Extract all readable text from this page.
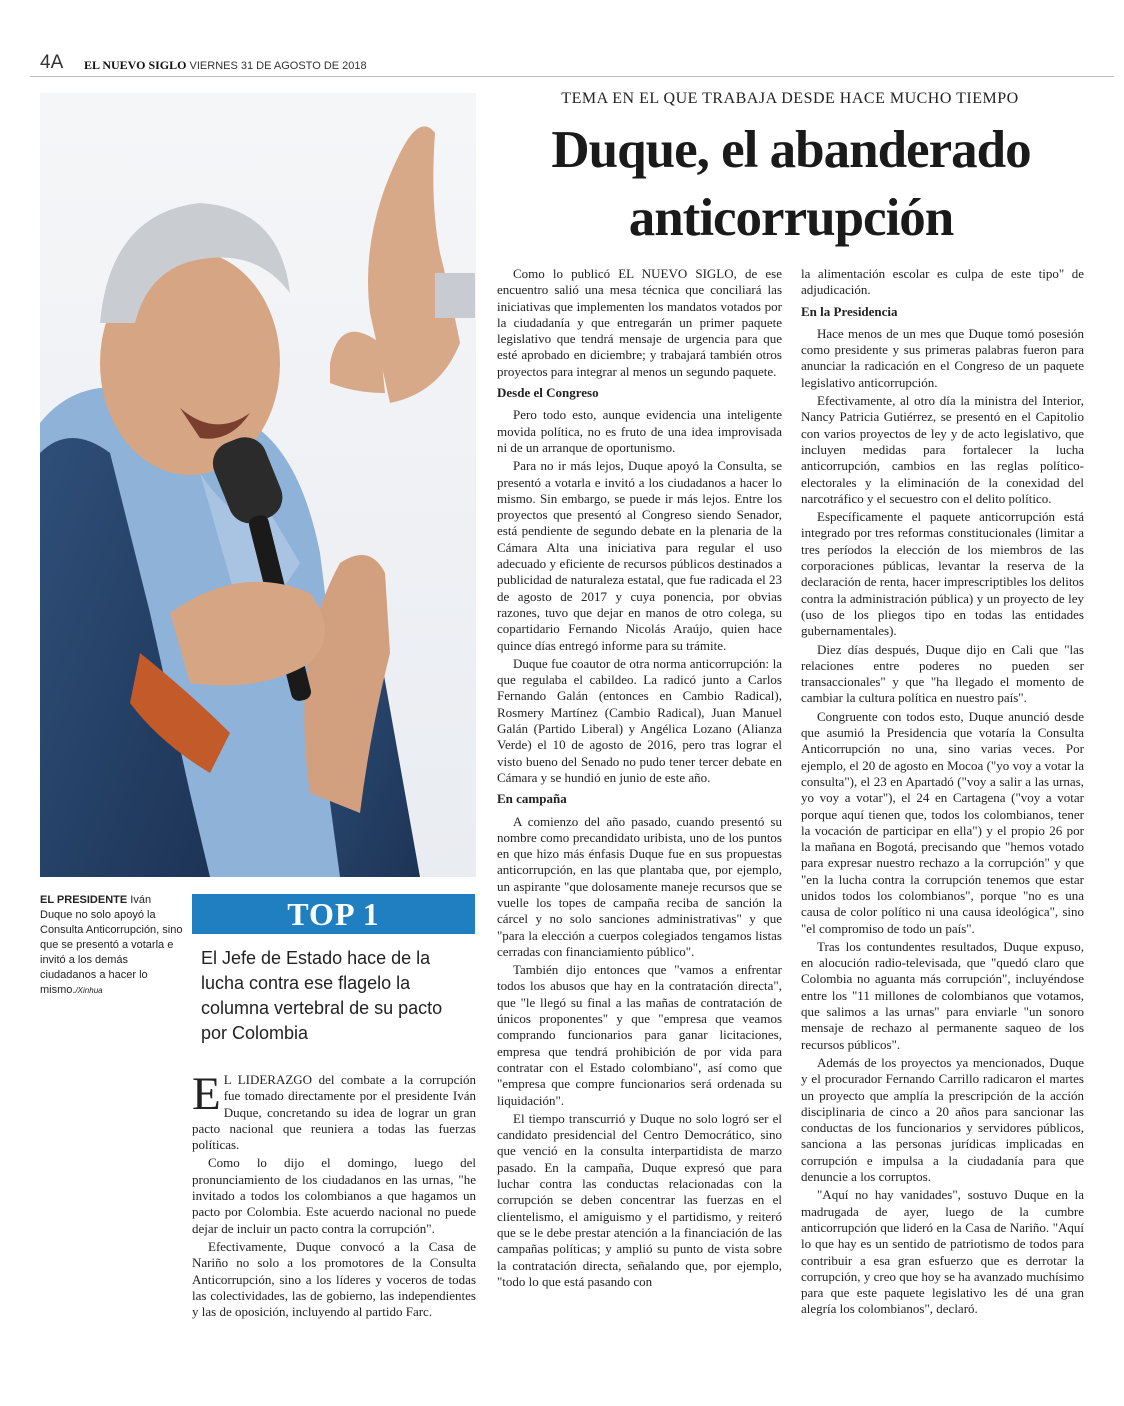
4A EL NUEVO SIGLO VIERNES 31 DE AGOSTO DE 2018
EL PRESIDENTE Iván Duque no solo apoyó la Consulta Anticorrupción, sino que se presentó a votarla e invitó a los demás ciudadanos a hacer lo mismo./Xinhua
TOP 1
El Jefe de Estado hace de la lucha contra ese flagelo la columna vertebral de su pacto por Colombia
TEMA EN EL QUE TRABAJA DESDE HACE MUCHO TIEMPO
Duque, el abanderado anticorrupción

E L LIDERAZGO del combate a la corrupción fue tomado directamente por el presidente Iván Duque, concretando su idea de lograr un gran pacto nacional que reuniera a todas las fuerzas políticas.

Como lo dijo el domingo, luego del pronunciamiento de los ciudadanos en las urnas, "he invitado a todos los colombianos a que hagamos un pacto por Colombia. Este acuerdo nacional no puede dejar de incluir un pacto contra la corrupción".

Efectivamente, Duque convocó a la Casa de Nariño no solo a los promotores de la Consulta Anticorrupción, sino a los líderes y voceros de todas las colectividades, las de gobierno, las independientes y las de oposición, incluyendo al partido Farc.

Como lo publicó EL NUEVO SIGLO, de ese encuentro salió una mesa técnica que conciliará las iniciativas que implementen los mandatos votados por la ciudadanía y que entregarán un primer paquete legislativo que tendrá mensaje de urgencia para que esté aprobado en diciembre; y trabajará también otros proyectos para integrar al menos un segundo paquete.

Desde el Congreso

Pero todo esto, aunque evidencia una inteligente movida política, no es fruto de una idea improvisada ni de un arranque de oportunismo.

Para no ir más lejos, Duque apoyó la Consulta, se presentó a votarla e invitó a los ciudadanos a hacer lo mismo. Sin embargo, se puede ir más lejos. Entre los proyectos que presentó al Congreso siendo Senador, está pendiente de segundo debate en la plenaria de la Cámara Alta una iniciativa para regular el uso adecuado y eficiente de recursos públicos destinados a publicidad de naturaleza estatal, que fue radicada el 23 de agosto de 2017 y cuya ponencia, por obvias razones, tuvo que dejar en manos de otro colega, su copartidario Fernando Nicolás Araújo, quien hace quince días entregó informe para su trámite.

Duque fue coautor de otra norma anticorrupción: la que regulaba el cabildeo. La radicó junto a Carlos Fernando Galán (entonces en Cambio Radical), Rosmery Martínez (Cambio Radical), Juan Manuel Galán (Partido Liberal) y Angélica Lozano (Alianza Verde) el 10 de agosto de 2016, pero tras lograr el visto bueno del Senado no pudo tener tercer debate en Cámara y se hundió en junio de este año.

En campaña

A comienzo del año pasado, cuando presentó su nombre como precandidato uribista, uno de los puntos en que hizo más énfasis Duque fue en sus propuestas anticorrupción, en las que plantaba que, por ejemplo, un aspirante "que dolosamente maneje recursos que se vuelle los topes de campaña reciba de sanción la cárcel y no solo sanciones administrativas" y que "para la elección a cuerpos colegiados tengamos listas cerradas con financiamiento público".

También dijo entonces que "vamos a enfrentar todos los abusos que hay en la contratación directa", que "le llegó su final a las mañas de contratación de únicos proponentes" y que "empresa que veamos comprando funcionarios para ganar licitaciones, empresa que tendrá prohibición de por vida para contratar con el Estado colombiano", así como que "empresa que compre funcionarios será ordenada su liquidación".

El tiempo transcurrió y Duque no solo logró ser el candidato presidencial del Centro Democrático, sino que venció en la consulta interpartidista de marzo pasado. En la campaña, Duque expresó que para luchar contra las conductas relacionadas con la corrupción se deben concentrar las fuerzas en el clientelismo, el amiguismo y el partidismo, y reiteró que se le debe prestar atención a la financiación de las campañas políticas; y amplió su punto de vista sobre la contratación directa, señalando que, por ejemplo, "todo lo que está pasando con

la alimentación escolar es culpa de este tipo" de adjudicación.

En la Presidencia

Hace menos de un mes que Duque tomó posesión como presidente y sus primeras palabras fueron para anunciar la radicación en el Congreso de un paquete legislativo anticorrupción.

Efectivamente, al otro día la ministra del Interior, Nancy Patricia Gutiérrez, se presentó en el Capitolio con varios proyectos de ley y de acto legislativo, que incluyen medidas para fortalecer la lucha anticorrupción, cambios en las reglas político-electorales y la eliminación de la conexidad del narcotráfico y el secuestro con el delito político.

Específicamente el paquete anticorrupción está integrado por tres reformas constitucionales (limitar a tres períodos la elección de los miembros de las corporaciones públicas, levantar la reserva de la declaración de renta, hacer imprescriptibles los delitos contra la administración pública) y un proyecto de ley (uso de los pliegos tipo en todas las entidades gubernamentales).

Diez días después, Duque dijo en Cali que "las relaciones entre poderes no pueden ser transaccionales" y que "ha llegado el momento de cambiar la cultura política en nuestro país".

Congruente con todos esto, Duque anunció desde que asumió la Presidencia que votaría la Consulta Anticorrupción no una, sino varias veces. Por ejemplo, el 20 de agosto en Mocoa ("yo voy a votar la consulta"), el 23 en Apartadó ("voy a salir a las urnas, yo voy a votar"), el 24 en Cartagena ("voy a votar porque aquí tienen que, todos los colombianos, tener la vocación de participar en ella") y el propio 26 por la mañana en Bogotá, precisando que "hemos votado para expresar nuestro rechazo a la corrupción" y que "en la lucha contra la corrupción tenemos que estar unidos todos los colombianos", porque "no es una causa de color político ni una causa ideológica", sino "el compromiso de todo un país".

Tras los contundentes resultados, Duque expuso, en alocución radio-televisada, que "quedó claro que Colombia no aguanta más corrupción", incluyéndose entre los "11 millones de colombianos que votamos, que salimos a las urnas" para enviarle "un sonoro mensaje de rechazo al permanente saqueo de los recursos públicos".

Además de los proyectos ya mencionados, Duque y el procurador Fernando Carrillo radicaron el martes un proyecto que amplía la prescripción de la acción disciplinaria de cinco a 20 años para sancionar las conductas de los funcionarios y servidores públicos, sanciona a las personas jurídicas implicadas en corrupción e impulsa a la ciudadanía para que denuncie a los corruptos.

"Aquí no hay vanidades", sostuvo Duque en la madrugada de ayer, luego de la cumbre anticorrupción que lideró en la Casa de Nariño. "Aquí lo que hay es un sentido de patriotismo de todos para contribuir a esa gran esfuerzo que es derrotar la corrupción, y creo que hoy se ha avanzado muchísimo para que este paquete legislativo les dé una gran alegría los colombianos", declaró.
